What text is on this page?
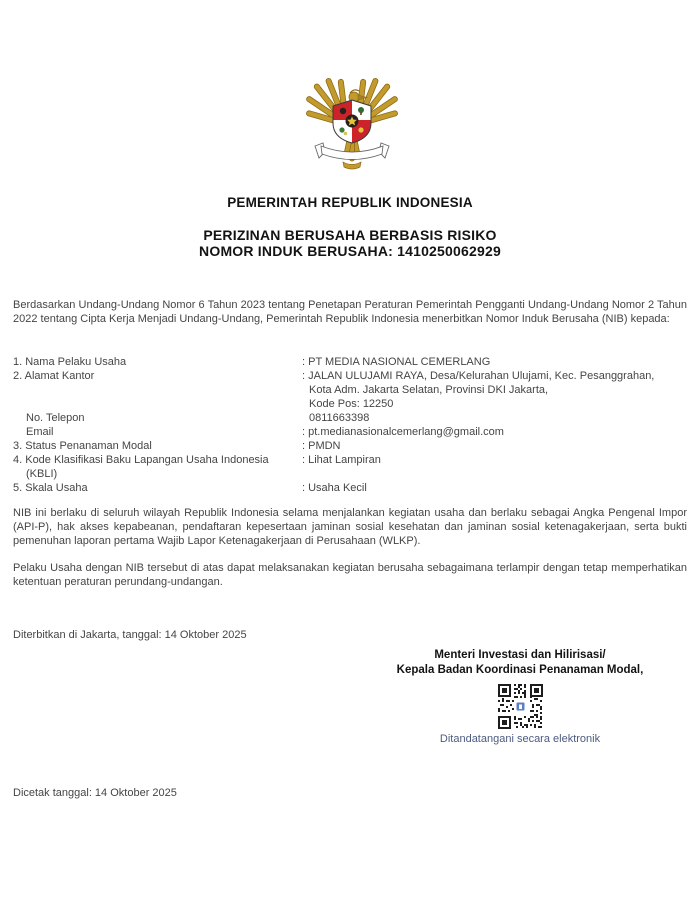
PEMERINTAH REPUBLIK INDONESIA
PERIZINAN BERUSAHA BERBASIS RISIKO
NOMOR INDUK BERUSAHA: 1410250062929
Berdasarkan Undang-Undang Nomor 6 Tahun 2023 tentang Penetapan Peraturan Pemerintah Pengganti Undang-Undang Nomor 2 Tahun 2022 tentang Cipta Kerja Menjadi Undang-Undang, Pemerintah Republik Indonesia menerbitkan Nomor Induk Berusaha (NIB) kepada:
1. Nama Pelaku Usaha	: PT MEDIA NASIONAL CEMERLANG
2. Alamat Kantor	: JALAN ULUJAMI RAYA, Desa/Kelurahan Ulujami, Kec. Pesanggrahan,
Kota Adm. Jakarta Selatan, Provinsi DKI Jakarta,
Kode Pos: 12250
No. Telepon	0811663398
Email	: pt.medianasionalcemerlang@gmail.com
3. Status Penanaman Modal	: PMDN
4. Kode Klasifikasi Baku Lapangan Usaha Indonesia	: Lihat Lampiran
(KBLI)
5. Skala Usaha	: Usaha Kecil
NIB ini berlaku di seluruh wilayah Republik Indonesia selama menjalankan kegiatan usaha dan berlaku sebagai Angka Pengenal Impor (API-P), hak akses kepabeanan, pendaftaran kepesertaan jaminan sosial kesehatan dan jaminan sosial ketenagakerjaan, serta bukti pemenuhan laporan pertama Wajib Lapor Ketenagakerjaan di Perusahaan (WLKP).
Pelaku Usaha dengan NIB tersebut di atas dapat melaksanakan kegiatan berusaha sebagaimana terlampir dengan tetap memperhatikan ketentuan peraturan perundang-undangan.
Diterbitkan di Jakarta, tanggal: 14 Oktober 2025
Menteri Investasi dan Hilirisasi/
Kepala Badan Koordinasi Penanaman Modal,
Ditandatangani secara elektronik
Dicetak tanggal: 14 Oktober 2025
